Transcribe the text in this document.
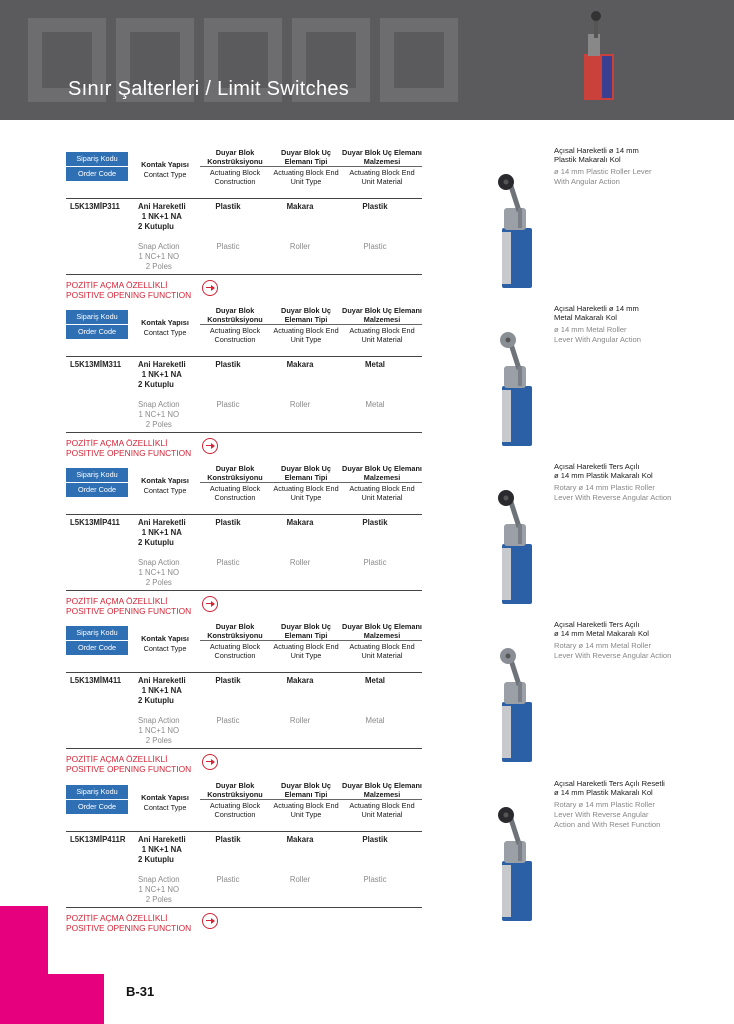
Sınır Şalterleri / Limit Switches
Sipariş Kodu
Order Code
Kontak Yapısı
Contact Type
Duyar Blok Konstrüksiyonu
Actuating Block Construction
Duyar Blok Uç Elemanı Tipi
Actuating Block End Unit Type
Duyar Blok Uç Elemanı Malzemesi
Actuating Block End Unit Material
L5K13MİP311 Ani Hareketli
1 NK+1 NA
2 Kutuplu
Snap Action
1 NC+1 NO
2 Poles
Plastik
Plastic
Makara
Roller
Plastik
Plastic
POZİTİF AÇMA ÖZELLİKLİ
POSITIVE OPENING FUNCTION
Açısal Hareketli ø 14 mm
Plastik Makaralı Kol
ø 14 mm Plastic Roller Lever
With Angular Action
Sipariş Kodu
Order Code
Kontak Yapısı
Contact Type
Duyar Blok Konstrüksiyonu
Actuating Block Construction
Duyar Blok Uç Elemanı Tipi
Actuating Block End Unit Type
Duyar Blok Uç Elemanı Malzemesi
Actuating Block End Unit Material
L5K13MİM311 Ani Hareketli
1 NK+1 NA
2 Kutuplu
Snap Action
1 NC+1 NO
2 Poles
Plastik
Plastic
Makara
Roller
Metal
Metal
POZİTİF AÇMA ÖZELLİKLİ
POSITIVE OPENING FUNCTION
Açısal Hareketli ø 14 mm
Metal Makaralı Kol
ø 14 mm Metal Roller
Lever With Angular Action
Sipariş Kodu
Order Code
Kontak Yapısı
Contact Type
Duyar Blok Konstrüksiyonu
Actuating Block Construction
Duyar Blok Uç Elemanı Tipi
Actuating Block End Unit Type
Duyar Blok Uç Elemanı Malzemesi
Actuating Block End Unit Material
L5K13MİP411 Ani Hareketli
1 NK+1 NA
2 Kutuplu
Snap Action
1 NC+1 NO
2 Poles
Plastik
Plastic
Makara
Roller
Plastik
Plastic
POZİTİF AÇMA ÖZELLİKLİ
POSITIVE OPENING FUNCTION
Açısal Hareketli Ters Açılı
ø 14 mm Plastik Makaralı Kol
Rotary ø 14 mm Plastic Roller
Lever With Reverse Angular Action
Sipariş Kodu
Order Code
Kontak Yapısı
Contact Type
Duyar Blok Konstrüksiyonu
Actuating Block Construction
Duyar Blok Uç Elemanı Tipi
Actuating Block End Unit Type
Duyar Blok Uç Elemanı Malzemesi
Actuating Block End Unit Material
L5K13MİM411 Ani Hareketli
1 NK+1 NA
2 Kutuplu
Snap Action
1 NC+1 NO
2 Poles
Plastik
Plastic
Makara
Roller
Metal
Metal
POZİTİF AÇMA ÖZELLİKLİ
POSITIVE OPENING FUNCTION
Açısal Hareketli Ters Açılı
ø 14 mm Metal Makaralı Kol
Rotary ø 14 mm Metal Roller
Lever With Reverse Angular Action
Sipariş Kodu
Order Code
Kontak Yapısı
Contact Type
Duyar Blok Konstrüksiyonu
Actuating Block Construction
Duyar Blok Uç Elemanı Tipi
Actuating Block End Unit Type
Duyar Blok Uç Elemanı Malzemesi
Actuating Block End Unit Material
L5K13MİP411R Ani Hareketli
1 NK+1 NA
2 Kutuplu
Snap Action
1 NC+1 NO
2 Poles
Plastik
Plastic
Makara
Roller
Plastik
Plastic
POZİTİF AÇMA ÖZELLİKLİ
POSITIVE OPENING FUNCTION
Açısal Hareketli Ters Açılı Resetli
ø 14 mm Plastik Makaralı Kol
Rotary ø 14 mm Plastic Roller
Lever With Reverse Angular
Action and With Reset Function
B-31
